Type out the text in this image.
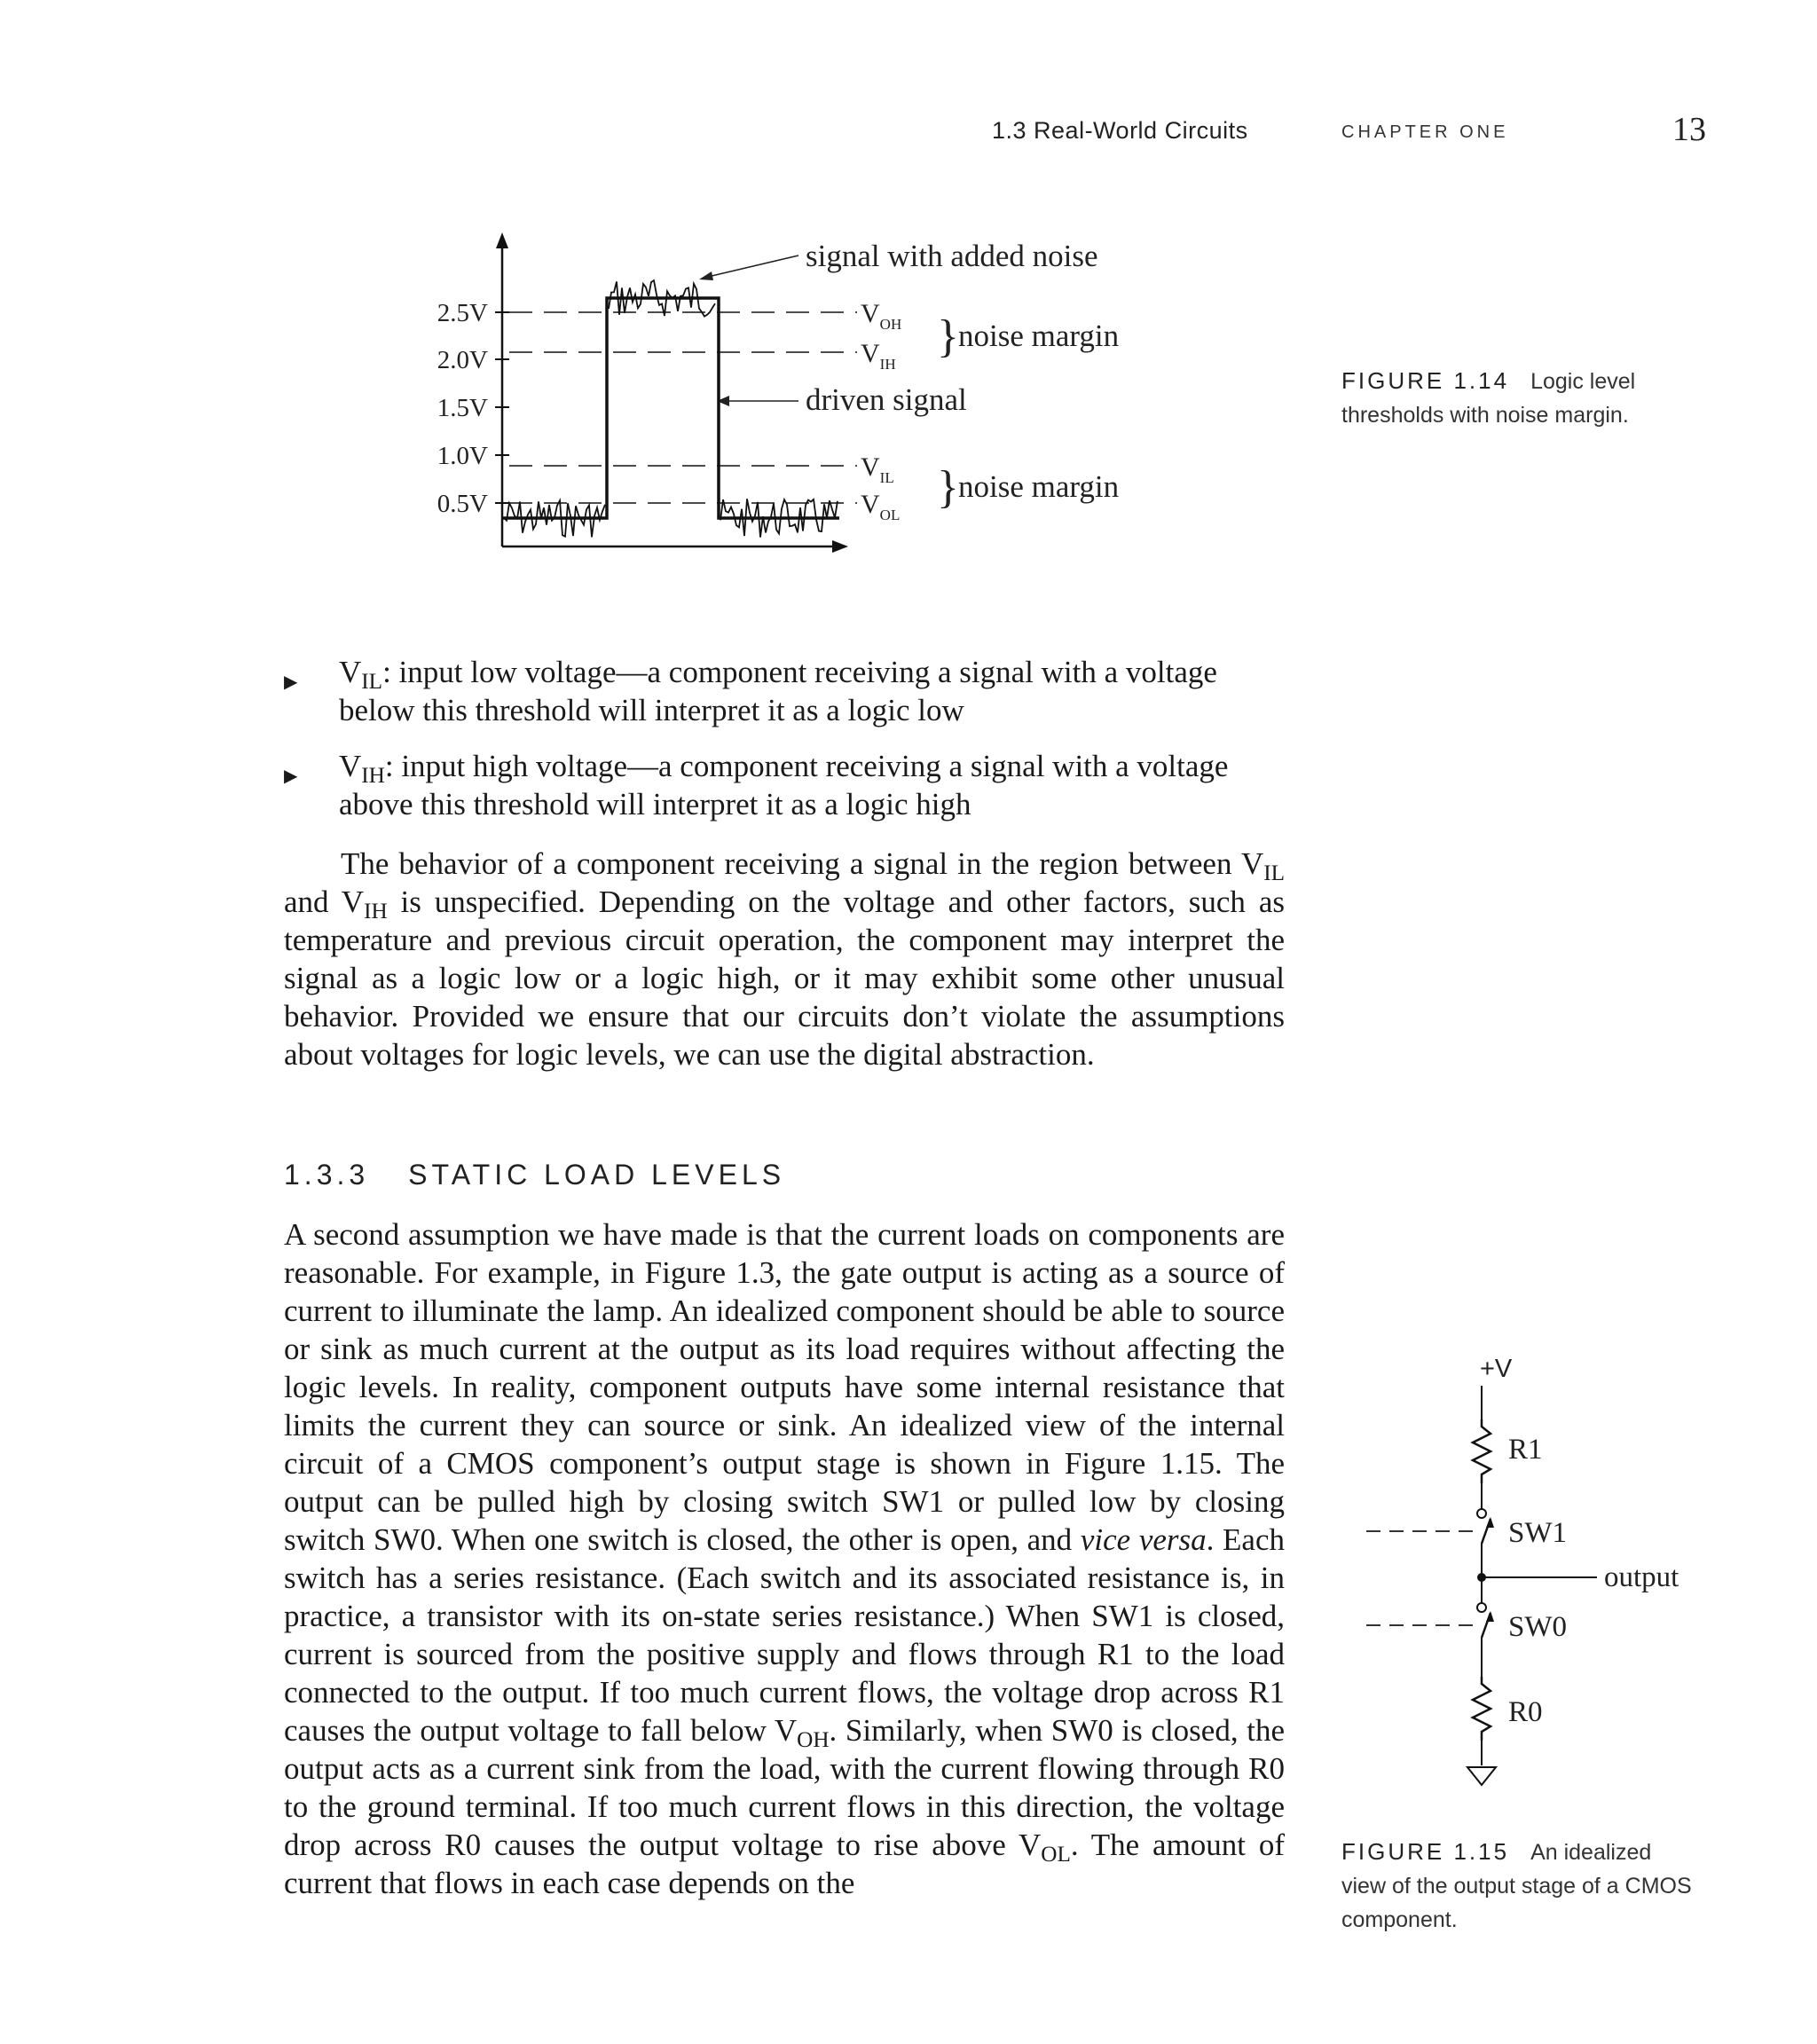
1.3 Real-World Circuits	CHAPTER ONE	13
2.5V
2.0V
1.5V
1.0V
0.5V
$V_{OH}$
$V_{IH}$
$V_{IL}$
$V_{OL}$
}
}
signal with added noise
noise margin
driven signal
noise margin
FIGURE 1.14 Logic level thresholds with noise margin.
▶ $V_{IL}$: input low voltage—a component receiving a signal with a voltage below this threshold will interpret it as a logic low
▶ $V_{IH}$: input high voltage—a component receiving a signal with a voltage above this threshold will interpret it as a logic high
The behavior of a component receiving a signal in the region between $V_{IL}$ and $V_{IH}$ is unspecified. Depending on the voltage and other factors, such as temperature and previous circuit operation, the component may interpret the signal as a logic low or a logic high, or it may exhibit some other unusual behavior. Provided we ensure that our circuits don’t violate the assumptions about voltages for logic levels, we can use the digital abstraction.
1.3.3 STATIC LOAD LEVELS
A second assumption we have made is that the current loads on components are reasonable. For example, in Figure 1.3, the gate output is acting as a source of current to illuminate the lamp. An idealized component should be able to source or sink as much current at the output as its load requires without affecting the logic levels. In reality, component outputs have some internal resistance that limits the current they can source or sink. An idealized view of the internal circuit of a CMOS component’s output stage is shown in Figure 1.15. The output can be pulled high by closing switch SW1 or pulled low by closing switch SW0. When one switch is closed, the other is open, and vice versa. Each switch has a series resistance. (Each switch and its associated resistance is, in practice, a transistor with its on-state series resistance.) When SW1 is closed, current is sourced from the positive supply and flows through R1 to the load connected to the output. If too much current flows, the voltage drop across R1 causes the output voltage to fall below $V_{OH}$. Similarly, when SW0 is closed, the output acts as a current sink from the load, with the current flowing through R0 to the ground terminal. If too much current flows in this direction, the voltage drop across R0 causes the output voltage to rise above $V_{OL}$. The amount of current that flows in each case depends on the
+V
R1
SW1
output
SW0
R0
FIGURE 1.15 An idealized view of the output stage of a CMOS component.
